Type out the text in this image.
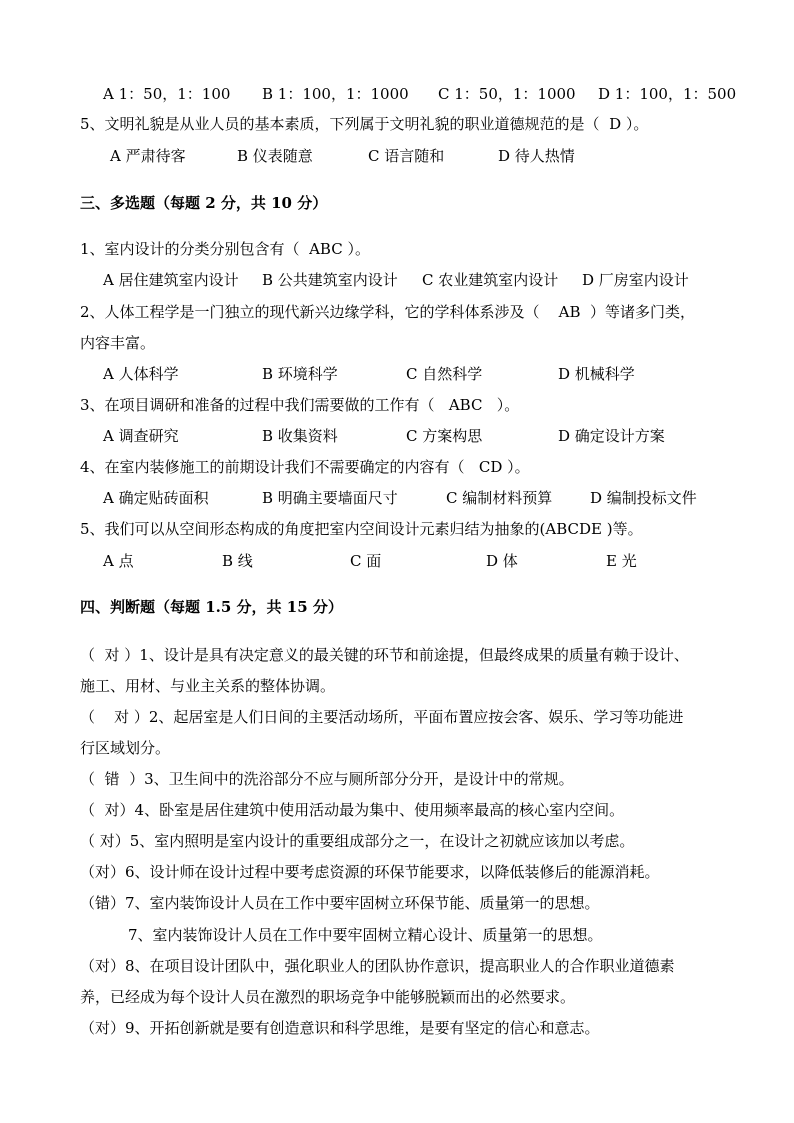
A 1：50，1：100 B 1：100，1：1000 C 1：50，1：1000 D 1：100，1：500
5、文明礼貌是从业人员的基本素质，下列属于文明礼貌的职业道德规范的是（  D ）。
A 严肃待客	B 仪表随意	C 语言随和	D 待人热情
三、多选题（每题 2 分，共 10 分）
1、室内设计的分类分别包含有（  ABC ）。
A 居住建筑室内设计 B 公共建筑室内设计 C 农业建筑室内设计 D 厂房室内设计
2、人体工程学是一门独立的现代新兴边缘学科，它的学科体系涉及（    AB  ）等诸多门类，
内容丰富。
A 人体科学	B 环境科学	C 自然科学	D 机械科学
3、在项目调研和准备的过程中我们需要做的工作有（   ABC   ）。
A 调查研究	B 收集资料	C 方案构思	D 确定设计方案
4、在室内装修施工的前期设计我们不需要确定的内容有（   CD ）。
A 确定贴砖面积	B 明确主要墙面尺寸	C 编制材料预算	D 编制投标文件
5、我们可以从空间形态构成的角度把室内空间设计元素归结为抽象的(ABCDE )等。
A 点	B 线	C 面	D 体	E 光
四、判断题（每题 1.5 分，共 15 分）
（  对 ）1、设计是具有决定意义的最关键的环节和前途提，但最终成果的质量有赖于设计、
施工、用材、与业主关系的整体协调。
（    对 ）2、起居室是人们日间的主要活动场所，平面布置应按会客、娱乐、学习等功能进
行区域划分。
（  错  ）3、卫生间中的洗浴部分不应与厕所部分分开，是设计中的常规。
（  对）4、卧室是居住建筑中使用活动最为集中、使用频率最高的核心室内空间。
（ 对）5、室内照明是室内设计的重要组成部分之一，在设计之初就应该加以考虑。
（对）6、设计师在设计过程中要考虑资源的环保节能要求，以降低装修后的能源消耗。
（错）7、室内装饰设计人员在工作中要牢固树立环保节能、质量第一的思想。
7、室内装饰设计人员在工作中要牢固树立精心设计、质量第一的思想。
（对）8、在项目设计团队中，强化职业人的团队协作意识，提高职业人的合作职业道德素
养，已经成为每个设计人员在激烈的职场竞争中能够脱颖而出的必然要求。
（对）9、开拓创新就是要有创造意识和科学思维，是要有坚定的信心和意志。
